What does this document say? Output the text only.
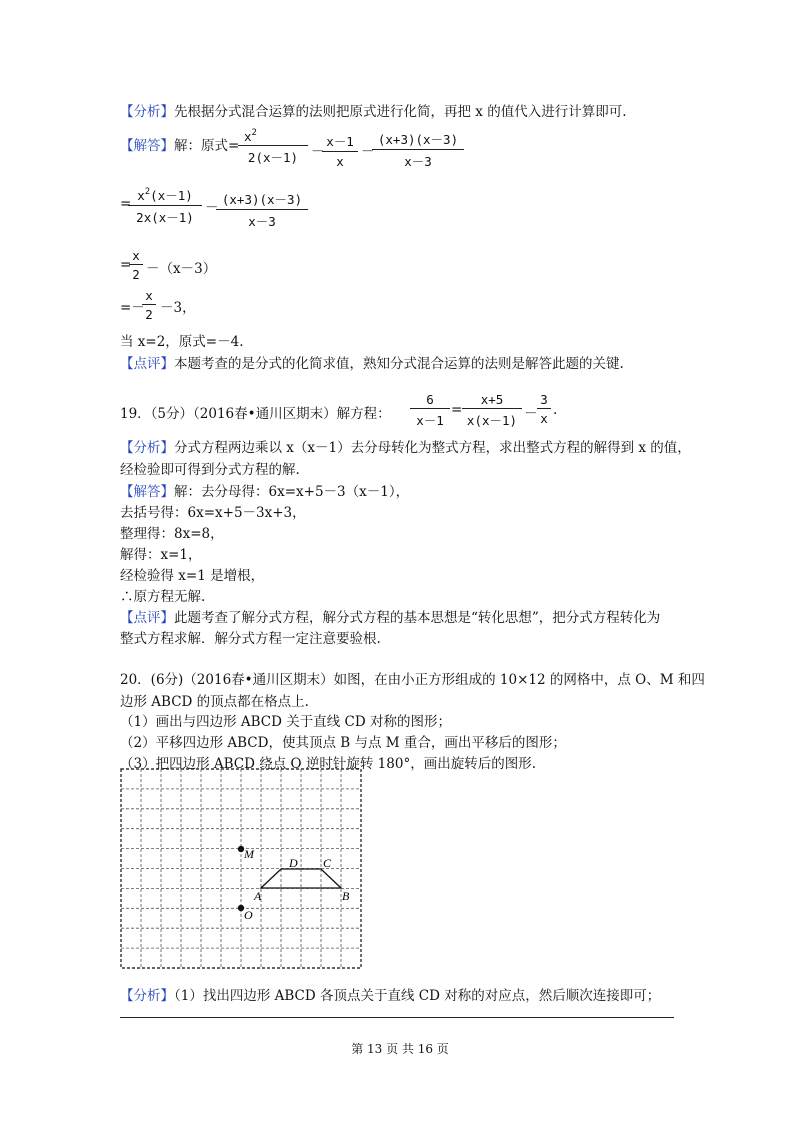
【分析】先根据分式混合运算的法则把原式进行化简，再把 x 的值代入进行计算即可.
【解答】解：原式=
$\frac{x^2}{2(x-1)}$ －
$\frac{x-1}{x}$ －
$\frac{(x+3)(x-3)}{x-3}$
=
$\frac{x^2(x-1)}{2x(x-1)}$ －
$\frac{(x+3)(x-3)}{x-3}$
=
$\frac{x}{2} -(x-3)$
=－
$\frac{x}{2} -3$，
当 x=2，原式=－4.
【点评】本题考查的是分式的化简求值，熟知分式混合运算的法则是解答此题的关键.
19．（5分）（2016春•通川区期末）解方程： $\frac{6}{x-1} = \frac{x+5}{x(x-1)} - \frac{3}{x}$ .
【分析】分式方程两边乘以 x（x－1）去分母转化为整式方程，求出整式方程的解得到 x 的值，
经检验即可得到分式方程的解.
【解答】解：去分母得：6x=x+5－3（x－1），
去括号得：6x=x+5－3x+3，
整理得：8x=8，
解得：x=1，
经检验得 x=1 是增根，
∴原方程无解.
【点评】此题考查了解分式方程，解分式方程的基本思想是“转化思想”，把分式方程转化为
整式方程求解．解分式方程一定注意要验根.
20．(6分)（2016春•通川区期末）如图，在由小正方形组成的 10×12 的网格中，点 O、M 和四
边形 ABCD 的顶点都在格点上.
（1）画出与四边形 ABCD 关于直线 CD 对称的图形；
（2）平移四边形 ABCD，使其顶点 B 与点 M 重合，画出平移后的图形；
（3）把四边形 ABCD 绕点 O 逆时针旋转 180°，画出旋转后的图形.
M
O
A	B
C
D
【分析】（1）找出四边形 ABCD 各顶点关于直线 CD 对称的对应点，然后顺次连接即可；
第 13 页 共 16 页
